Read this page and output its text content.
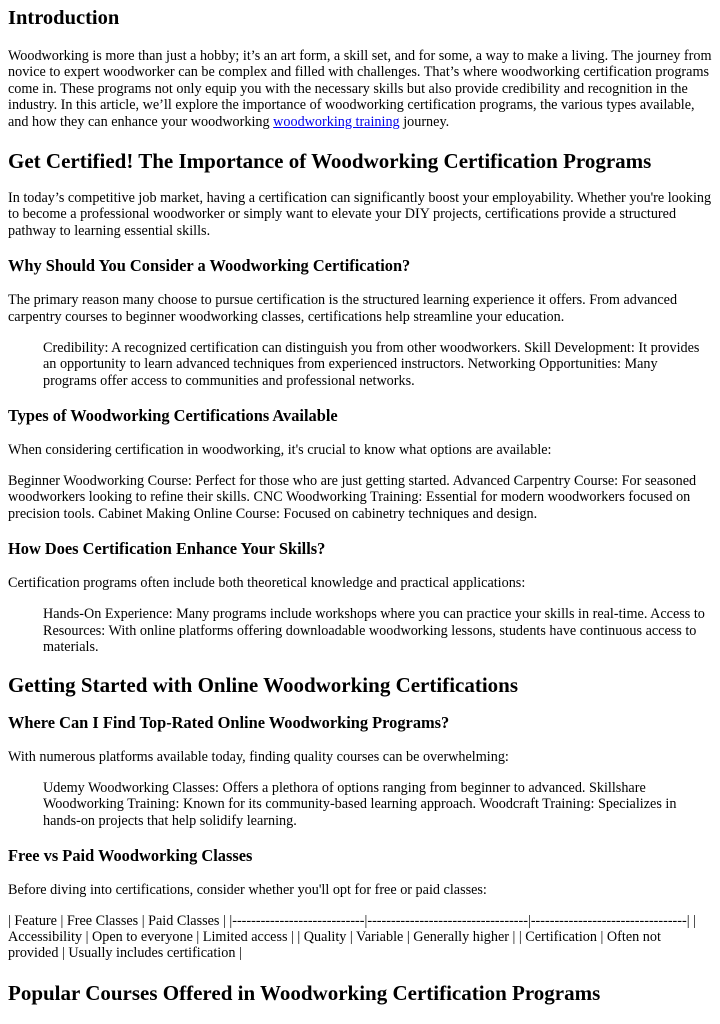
Introduction

Woodworking is more than just a hobby; it’s an art form, a skill set, and for some, a way to make a living. The journey from novice to expert woodworker can be complex and filled with challenges. That’s where woodworking certification programs come in. These programs not only equip you with the necessary skills but also provide credibility and recognition in the industry. In this article, we’ll explore the importance of woodworking certification programs, the various types available, and how they can enhance your woodworking woodworking training journey.

Get Certified! The Importance of Woodworking Certification Programs

In today’s competitive job market, having a certification can significantly boost your employability. Whether you're looking to become a professional woodworker or simply want to elevate your DIY projects, certifications provide a structured pathway to learning essential skills.

Why Should You Consider a Woodworking Certification?

The primary reason many choose to pursue certification is the structured learning experience it offers. From advanced carpentry courses to beginner woodworking classes, certifications help streamline your education.

Credibility: A recognized certification can distinguish you from other woodworkers. Skill Development: It provides an opportunity to learn advanced techniques from experienced instructors. Networking Opportunities: Many programs offer access to communities and professional networks.
Types of Woodworking Certifications Available

When considering certification in woodworking, it's crucial to know what options are available:

Beginner Woodworking Course: Perfect for those who are just getting started. Advanced Carpentry Course: For seasoned woodworkers looking to refine their skills. CNC Woodworking Training: Essential for modern woodworkers focused on precision tools. Cabinet Making Online Course: Focused on cabinetry techniques and design.

How Does Certification Enhance Your Skills?

Certification programs often include both theoretical knowledge and practical applications:

Hands-On Experience: Many programs include workshops where you can practice your skills in real-time. Access to Resources: With online platforms offering downloadable woodworking lessons, students have continuous access to materials.
Getting Started with Online Woodworking Certifications
Where Can I Find Top-Rated Online Woodworking Programs?

With numerous platforms available today, finding quality courses can be overwhelming:

Udemy Woodworking Classes: Offers a plethora of options ranging from beginner to advanced. Skillshare Woodworking Training: Known for its community-based learning approach. Woodcraft Training: Specializes in hands-on projects that help solidify learning.
Free vs Paid Woodworking Classes

Before diving into certifications, consider whether you'll opt for free or paid classes:

| Feature | Free Classes | Paid Classes | |----------------------------|----------------------------------|---------------------------------| | Accessibility | Open to everyone | Limited access | | Quality | Variable | Generally higher | | Certification | Often not provided | Usually includes certification |

Popular Courses Offered in Woodworking Certification Programs
